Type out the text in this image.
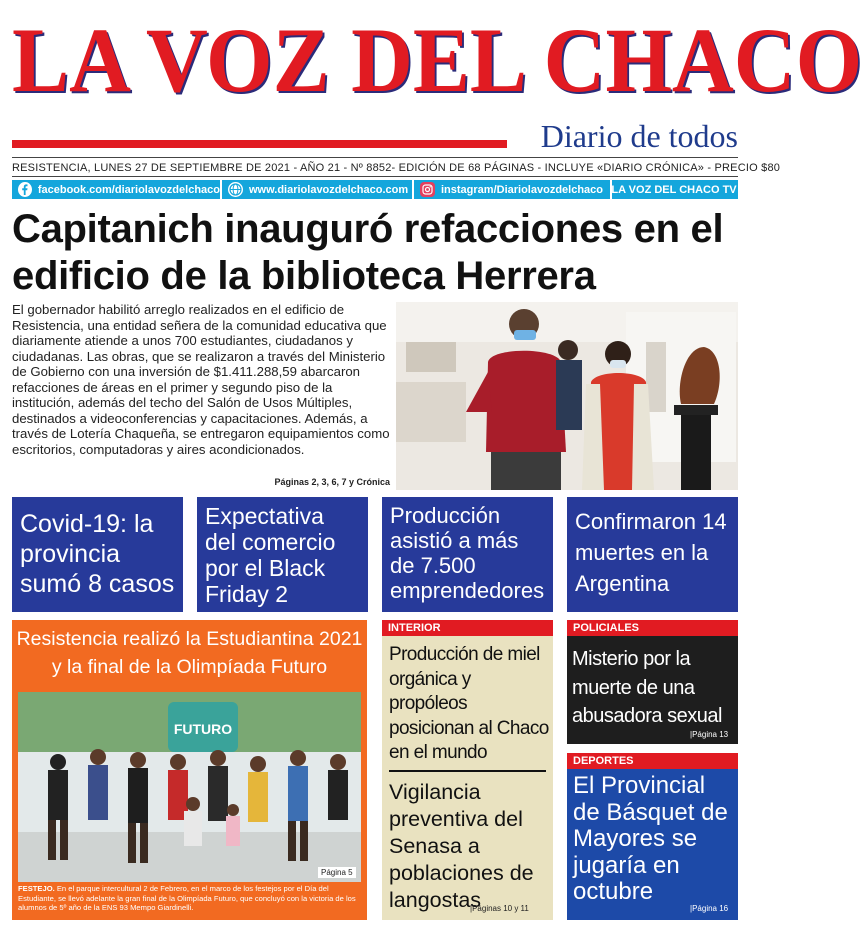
LA VOZ DEL CHACO
Diario de todos
RESISTENCIA, LUNES 27 DE SEPTIEMBRE DE 2021 - AÑO 21 - Nº 8852- EDICIÓN DE 68 PÁGINAS - INCLUYE «DIARIO CRÓNICA» - PRECIO $80
facebook.com/diariolavozdelchaco	www.diariolavozdelchaco.com	instagram/Diariolavozdelchaco LA VOZ DEL CHACO TV
Capitanich inauguró refacciones en el edificio de la biblioteca Herrera

El gobernador habilitó arreglo realizados en el edificio de Resistencia, una entidad señera de la comunidad educativa que diariamente atiende a unos 700 estudiantes, ciudadanos y ciudadanas. Las obras, que se realizaron a través del Ministerio de Gobierno con una inversión de $1.411.288,59 abarcaron refacciones de áreas en el primer y segundo piso de la institución, además del techo del Salón de Usos Múltiples, destinados a videoconferencias y capacitaciones. Además, a través de Lotería Chaqueña, se entregaron equipamientos como escritorios, computadoras y aires acondicionados.

Páginas 2, 3, 6, 7 y Crónica
Covid-19: la provincia sumó 8 casos
Expectativa del comercio por el Black Friday 2
Producción asistió a más de 7.500 emprendedores
Confirmaron 14 muertes en la Argentina
Resistencia realizó la Estudiantina 2021 y la final de la Olimpíada Futuro
FUTURO
Página 5
FESTEJO. En el parque intercultural 2 de Febrero, en el marco de los festejos por el Día del Estudiante, se llevó adelante la gran final de la Olimpíada Futuro, que concluyó con la victoria de los alumnos de 5º año de la ENS 93 Mempo Giardinelli.
INTERIOR
Producción de miel orgánica y propóleos posicionan al Chaco en el mundo
Vigilancia preventiva del Senasa a poblaciones de langostas
|Páginas 10 y 11
POLICIALES
Misterio por la muerte de una abusadora sexual
|Página 13
DEPORTES
El Provincial de Básquet de Mayores se jugaría en octubre
|Página 16
